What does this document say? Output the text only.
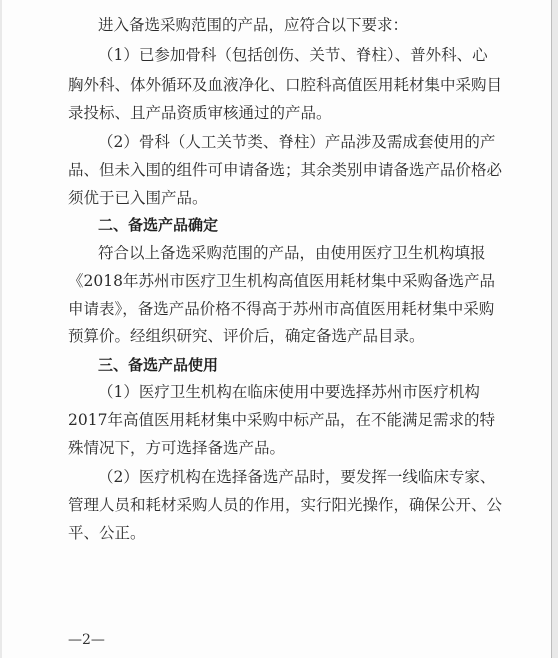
进入备选采购范围的产品，应符合以下要求：
（1）已参加骨科（包括创伤、关节、脊柱）、普外科、心
胸外科、体外循环及血液净化、口腔科高值医用耗材集中采购目
录投标、且产品资质审核通过的产品。
（2）骨科（人工关节类、脊柱）产品涉及需成套使用的产
品、但未入围的组件可申请备选；其余类别申请备选产品价格必
须优于已入围产品。
二、备选产品确定
符合以上备选采购范围的产品，由使用医疗卫生机构填报
《2018年苏州市医疗卫生机构高值医用耗材集中采购备选产品
申请表》，备选产品价格不得高于苏州市高值医用耗材集中采购
预算价。经组织研究、评价后，确定备选产品目录。
三、备选产品使用
（1）医疗卫生机构在临床使用中要选择苏州市医疗机构
2017年高值医用耗材集中采购中标产品，在不能满足需求的特
殊情况下，方可选择备选产品。
（2）医疗机构在选择备选产品时，要发挥一线临床专家、
管理人员和耗材采购人员的作用，实行阳光操作，确保公开、公
平、公正。
—2—
